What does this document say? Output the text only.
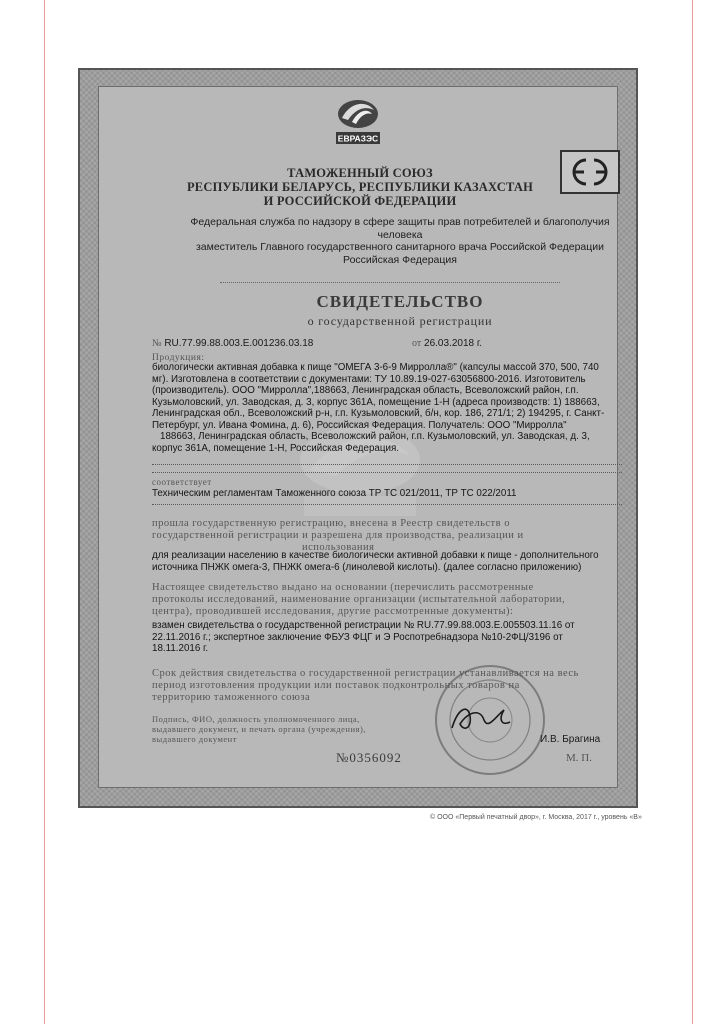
ЕВРАЗЭС
ТАМОЖЕННЫЙ СОЮЗ
РЕСПУБЛИКИ БЕЛАРУСЬ, РЕСПУБЛИКИ КАЗАХСТАН
И РОССИЙСКОЙ ФЕДЕРАЦИИ
Федеральная служба по надзору в сфере защиты прав потребителей и благополучия человека
заместитель Главного государственного санитарного врача Российской Федерации
Российская Федерация
СВИДЕТЕЛЬСТВО
о государственной регистрации
№ RU.77.99.88.003.Е.001236.03.18	от 26.03.2018 г.
Продукция:
биологически активная добавка к пище "ОМЕГА 3-6-9 Мирролла®" (капсулы массой 370, 500, 740
мг). Изготовлена в соответствии с документами: ТУ 10.89.19-027-63056800-2016. Изготовитель
(производитель). ООО "Мирролла",188663, Ленинградская область, Всеволожский район, г.п.
Кузьмоловский, ул. Заводская, д. 3, корпус 361А, помещение 1-Н (адреса производств: 1) 188663,
Ленинградская обл., Всеволожский р-н, г.п. Кузьмоловский, б/н, кор. 186, 271/1; 2) 194295, г. Санкт-
Петербург, ул. Ивана Фомина, д. 6), Российская Федерация. Получатель: ООО "Мирролла"
188663, Ленинградская область, Всеволожский район, г.п. Кузьмоловский, ул. Заводская, д. 3,
корпус 361А, помещение 1-Н, Российская Федерация.
соответствует
Техническим регламентам Таможенного союза ТР ТС 021/2011, ТР ТС 022/2011
прошла государственную регистрацию, внесена в Реестр свидетельств о
государственной регистрации и разрешена для производства, реализации и
использования
для реализации населению в качестве биологически активной добавки к пище - дополнительного
источника ПНЖК омега-3, ПНЖК омега-6 (линолевой кислоты). (далее согласно приложению)
Настоящее свидетельство выдано на основании (перечислить рассмотренные
протоколы исследований, наименование организации (испытательной лаборатории,
центра), проводившей исследования, другие рассмотренные документы):
взамен свидетельства о государственной регистрации № RU.77.99.88.003.Е.005503.11.16 от
22.11.2016 г.; экспертное заключение ФБУЗ ФЦГ и Э Роспотребнадзора №10-2ФЦ/3196 от
18.11.2016 г.
Срок действия свидетельства о государственной регистрации устанавливается на весь
период изготовления продукции или поставок подконтрольных товаров на
территорию таможенного союза
Подпись, ФИО, должность уполномоченного лица,
выдавшего документ, и печать органа (учреждения),
выдавшего документ	И.В. Брагина
№0356092	М. П.
© ООО «Первый печатный двор», г. Москва, 2017 г., уровень «В»
